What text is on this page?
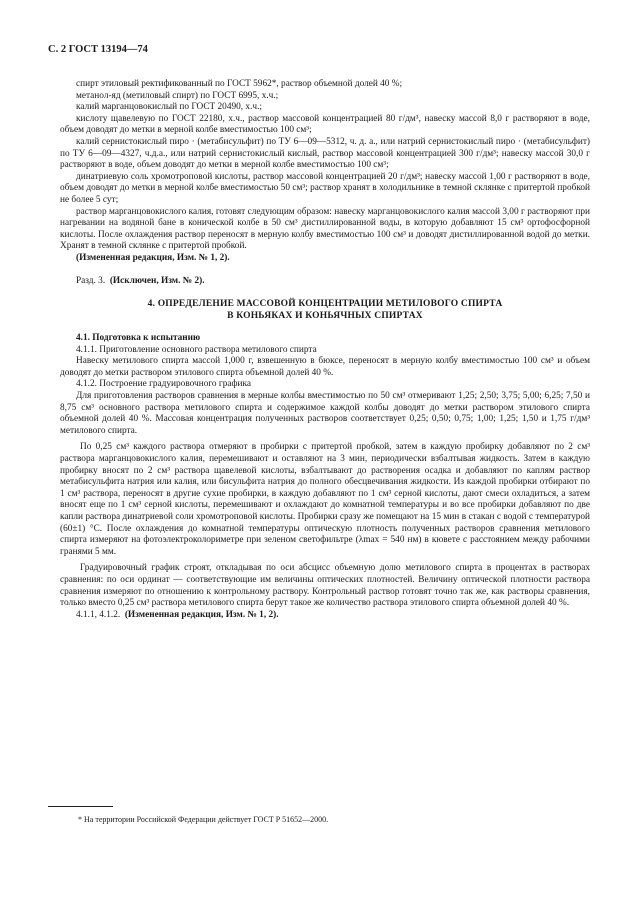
С. 2 ГОСТ 13194—74

спирт этиловый ректификованный по ГОСТ 5962*, раствор объемной долей 40 %;

метанол-яд (метиловый спирт) по ГОСТ 6995, х.ч.;

калий марганцовокислый по ГОСТ 20490, х.ч.;

кислоту щавелевую по ГОСТ 22180, х.ч., раствор массовой концентрацией 80 г/дм³, навеску массой 8,0 г растворяют в воде, объем доводят до метки в мерной колбе вместимостью 100 см³;

калий сернистокислый пиро · (метабисульфит) по ТУ 6—09—5312, ч. д. а., или натрий сернистокислый пиро · (метабисульфит) по ТУ 6—09—4327, ч.д.а., или натрий сернистокислый кислый, раствор массовой концентрацией 300 г/дм³; навеску массой 30,0 г растворяют в воде, объем доводят до метки в мерной колбе вместимостью 100 см³;

динатриевую соль хромотроповой кислоты, раствор массовой концентрацией 20 г/дм³; навеску массой 1,00 г растворяют в воде, объем доводят до метки в мерной колбе вместимостью 50 см³; раствор хранят в холодильнике в темной склянке с притертой пробкой не более 5 сут;

раствор марганцовокислого калия, готовят следующим образом: навеску марганцовокислого калия массой 3,00 г растворяют при нагревании на водяной бане в конической колбе в 50 см³ дистиллированной воды, в которую добавляют 15 см³ ортофосфорной кислоты. После охлаждения раствор переносят в мерную колбу вместимостью 100 см³ и доводят дистиллированной водой до метки. Хранят в темной склянке с притертой пробкой.

(Измененная редакция, Изм. № 1, 2).

Разд. 3. (Исключен, Изм. № 2).

4. ОПРЕДЕЛЕНИЕ МАССОВОЙ КОНЦЕНТРАЦИИ МЕТИЛОВОГО СПИРТА

В КОНЬЯКАХ И КОНЬЯЧНЫХ СПИРТАХ

4.1. Подготовка к испытанию

4.1.1. Приготовление основного раствора метилового спирта

Навеску метилового спирта массой 1,000 г, взвешенную в бюксе, переносят в мерную колбу вместимостью 100 см³ и объем доводят до метки раствором этилового спирта объемной долей 40 %.

4.1.2. Построение градуировочного графика

Для приготовления растворов сравнения в мерные колбы вместимостью по 50 см³ отмеривают 1,25; 2,50; 3,75; 5,00; 6,25; 7,50 и 8,75 см³ основного раствора метилового спирта и содержимое каждой колбы доводят до метки раствором этилового спирта объемной долей 40 %. Массовая концентрация полученных растворов соответствует 0,25; 0,50; 0,75; 1,00; 1,25; 1,50 и 1,75 г/дм³ метилового спирта.

По 0,25 см³ каждого раствора отмеряют в пробирки с притертой пробкой, затем в каждую пробирку добавляют по 2 см³ раствора марганцовокислого калия, перемешивают и оставляют на 3 мин, периодически взбалтывая жидкость. Затем в каждую пробирку вносят по 2 см³ раствора щавелевой кислоты, взбалтывают до растворения осадка и добавляют по каплям раствор метабисульфита натрия или калия, или бисульфита натрия до полного обесцвечивания жидкости. Из каждой пробирки отбирают по 1 см³ раствора, переносят в другие сухие пробирки, в каждую добавляют по 1 см³ серной кислоты, дают смеси охладиться, а затем вносят еще по 1 см³ серной кислоты, перемешивают и охлаждают до комнатной температуры и во все пробирки добавляют по две капли раствора динатриевой соли хромотроповой кислоты. Пробирки сразу же помещают на 15 мин в стакан с водой с температурой (60±1) °С. После охлаждения до комнатной температуры оптическую плотность полученных растворов сравнения метилового спирта измеряют на фотоэлектроколориметре при зеленом светофильтре (λmax = 540 нм) в кювете с расстоянием между рабочими гранями 5 мм.

Градуировочный график строят, откладывая по оси абсцисс объемную долю метилового спирта в процентах в растворах сравнения: по оси ординат — соответствующие им величины оптических плотностей. Величину оптической плотности раствора сравнения измеряют по отношению к контрольному раствору. Контрольный раствор готовят точно так же, как растворы сравнения, только вместо 0,25 см³ раствора метилового спирта берут такое же количество раствора этилового спирта объемной долей 40 %.

4.1.1, 4.1.2. (Измененная редакция, Изм. № 1, 2).

* На территории Российской Федерации действует ГОСТ Р 51652—2000.
